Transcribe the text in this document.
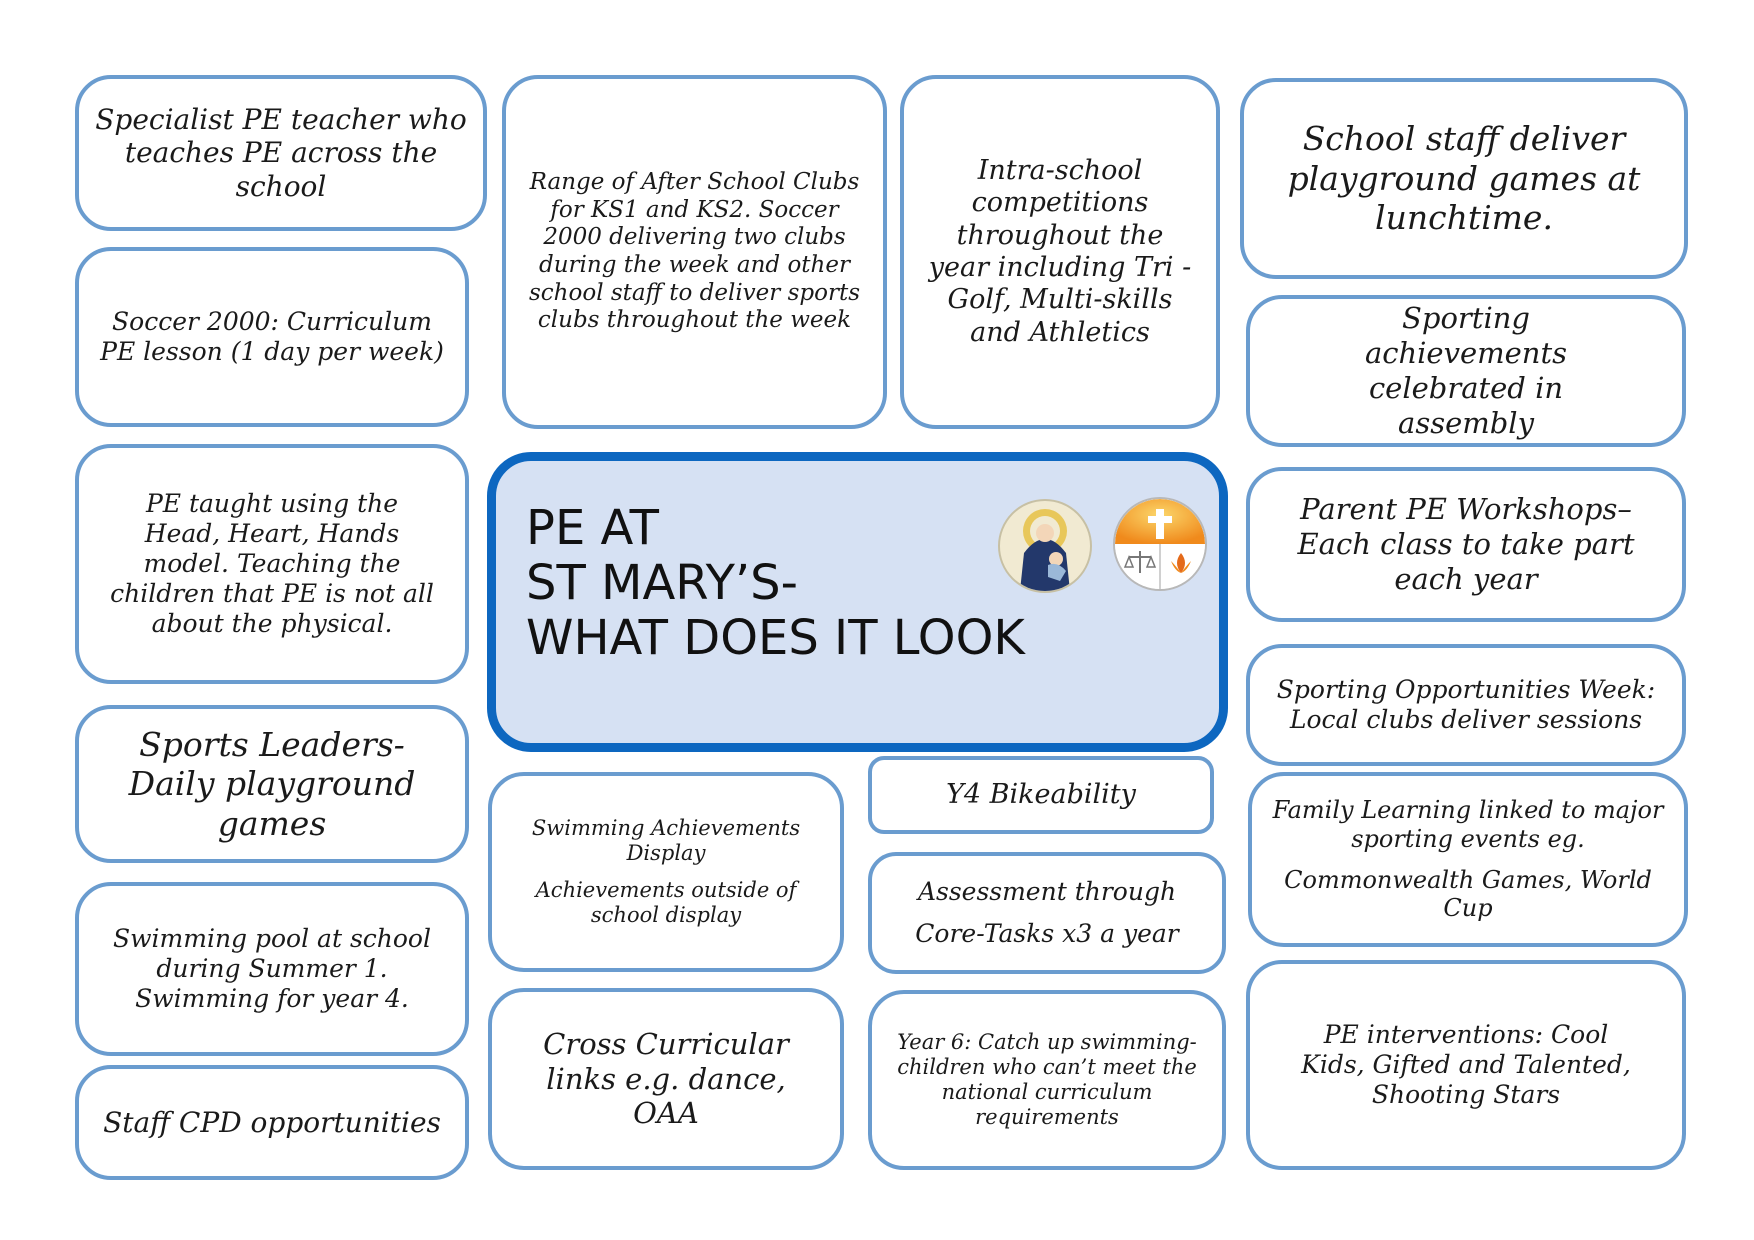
Specialist PE teacher who teaches PE across the school

Soccer 2000: Curriculum PE lesson (1 day per week)

PE taught using the Head, Heart, Hands model. Teaching the children that PE is not all about the physical.

Sports Leaders- Daily playground games

Swimming pool at school during Summer 1. Swimming for year 4.

Staff CPD opportunities

Range of After School Clubs for KS1 and KS2. Soccer 2000 delivering two clubs during the week and other school staff to deliver sports clubs throughout the week

Intra-school competitions throughout the year including Tri - Golf, Multi-skills and Athletics

School staff deliver playground games at lunchtime.

Sporting achievements celebrated in assembly

Parent PE Workshops– Each class to take part each year

Sporting Opportunities Week: Local clubs deliver sessions

Family Learning linked to major sporting events eg.

Commonwealth Games, World Cup

PE interventions: Cool Kids, Gifted and Talented, Shooting Stars

Swimming Achievements Display

Achievements outside of school display

Cross Curricular links e.g. dance, OAA

Y4 Bikeability

Assessment through

Core-Tasks x3 a year

Year 6: Catch up swimming- children who can’t meet the national curriculum requirements

PE AT
ST MARY’S-
WHAT DOES IT LOOK
